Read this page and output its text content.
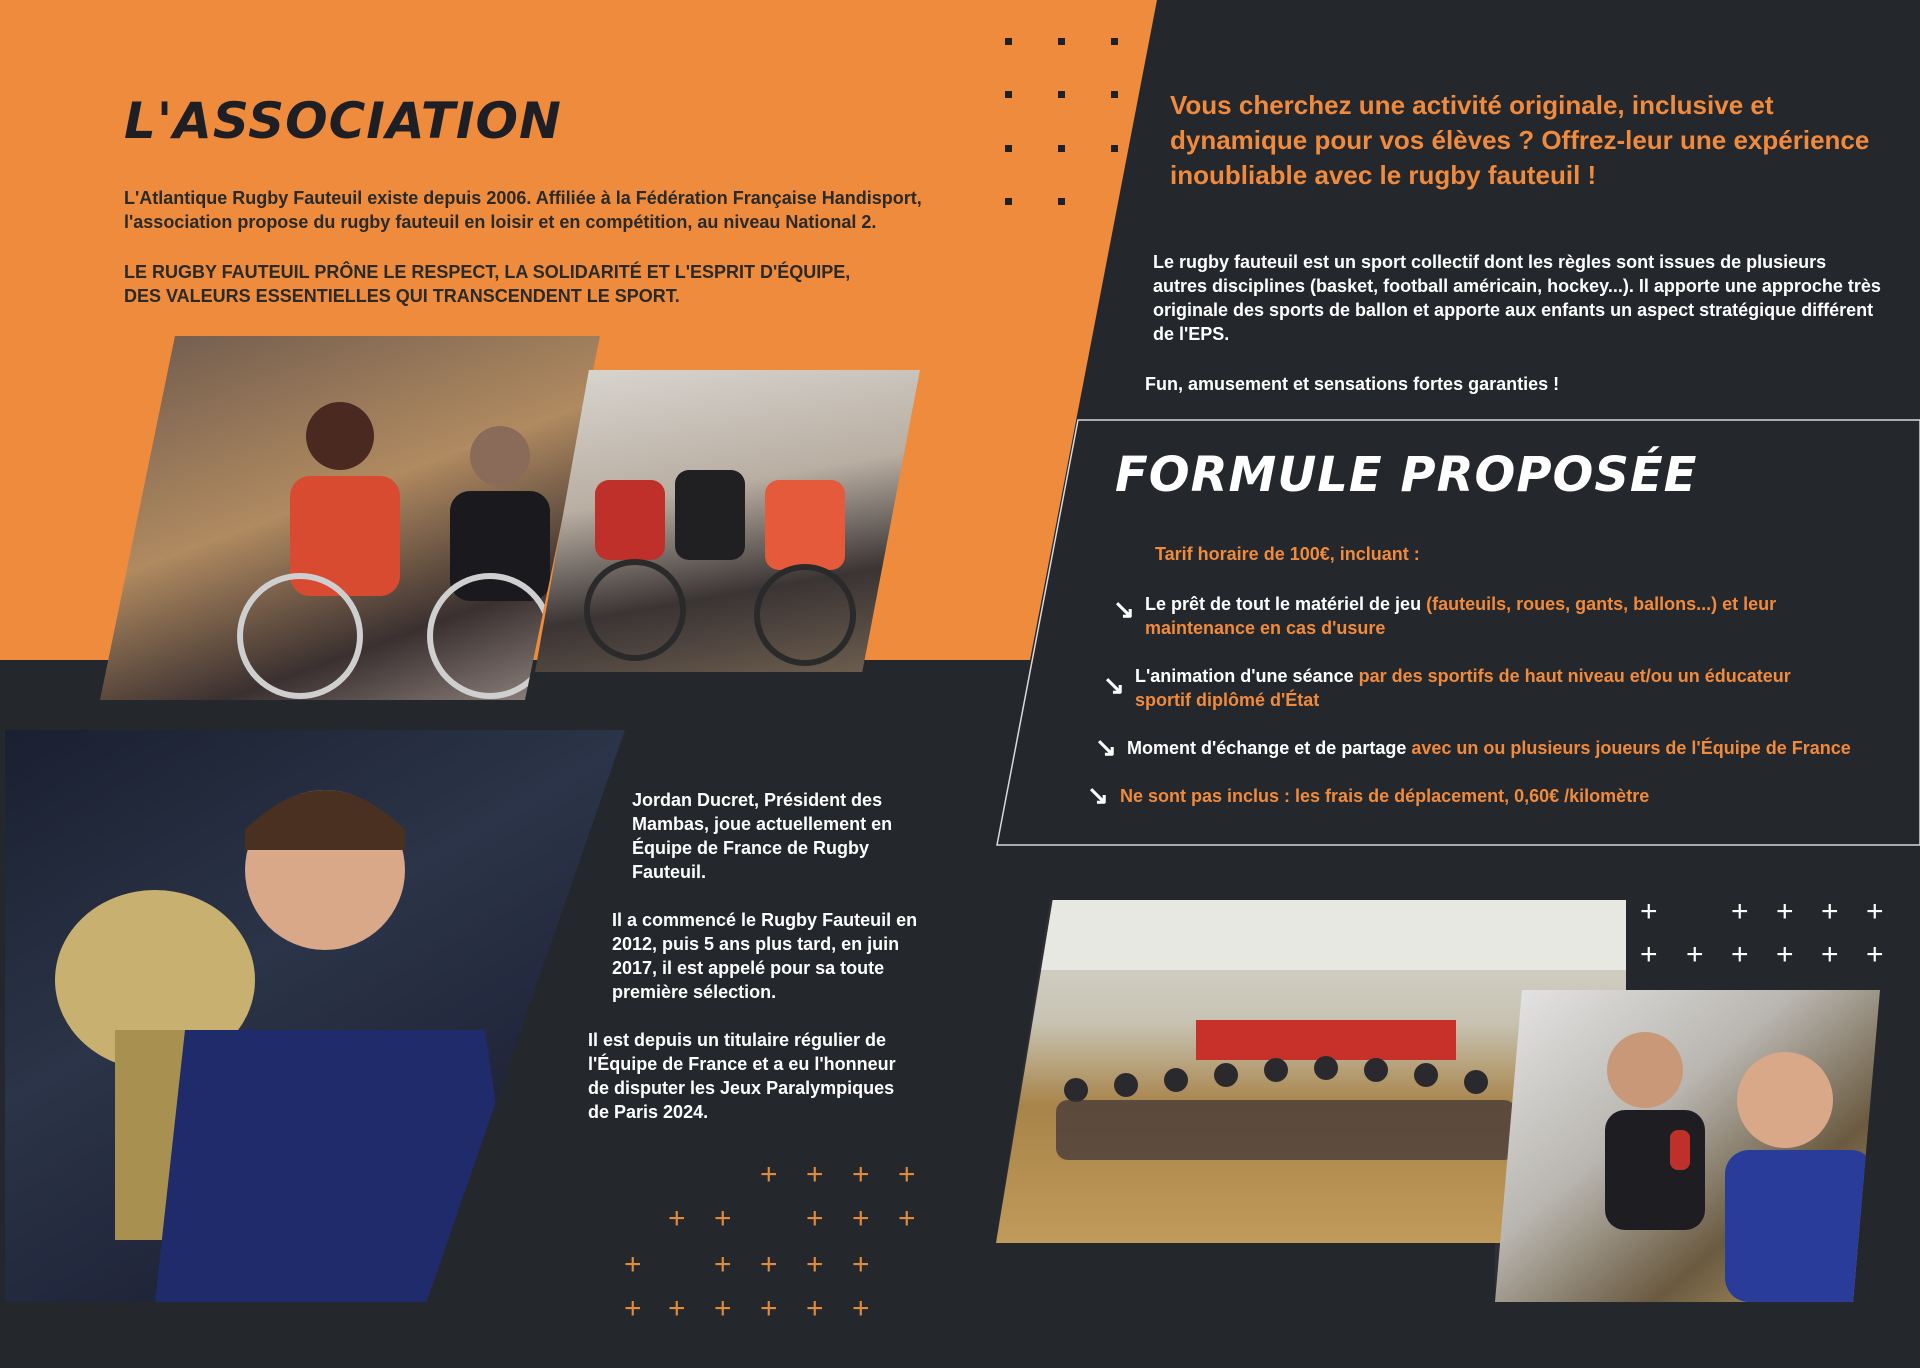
L'ASSOCIATION

L'Atlantique Rugby Fauteuil existe depuis 2006. Affiliée à la Fédération Française Handisport, l'association propose du rugby fauteuil en loisir et en compétition, au niveau National 2.

LE RUGBY FAUTEUIL PRÔNE LE RESPECT, LA SOLIDARITÉ ET L'ESPRIT D'ÉQUIPE, DES VALEURS ESSENTIELLES QUI TRANSCENDENT LE SPORT.

Jordan Ducret, Président des Mambas, joue actuellement en Équipe de France de Rugby Fauteuil.

Il a commencé le Rugby Fauteuil en 2012, puis 5 ans plus tard, en juin 2017, il est appelé pour sa toute première sélection.

Il est depuis un titulaire régulier de l'Équipe de France et a eu l'honneur de disputer les Jeux Paralympiques de Paris 2024.

+ + + +
+ + + + +
+ + + + +
+ + + + + +

Vous cherchez une activité originale, inclusive et dynamique pour vos élèves ? Offrez-leur une expérience inoubliable avec le rugby fauteuil !

Le rugby fauteuil est un sport collectif dont les règles sont issues de plusieurs autres disciplines (basket, football américain, hockey...). Il apporte une approche très originale des sports de ballon et apporte aux enfants un aspect stratégique différent de l'EPS.

Fun, amusement et sensations fortes garanties !

FORMULE PROPOSÉE

Tarif horaire de 100€, incluant :

↘ Le prêt de tout le matériel de jeu (fauteuils, roues, gants, ballons...) et leur maintenance en cas d'usure

↘ L'animation d'une séance par des sportifs de haut niveau et/ou un éducateur sportif diplômé d'État

↘ Moment d'échange et de partage avec un ou plusieurs joueurs de l'Équipe de France

↘ Ne sont pas inclus : les frais de déplacement, 0,60€ /kilomètre

+ + + + +
+ + + + + +
